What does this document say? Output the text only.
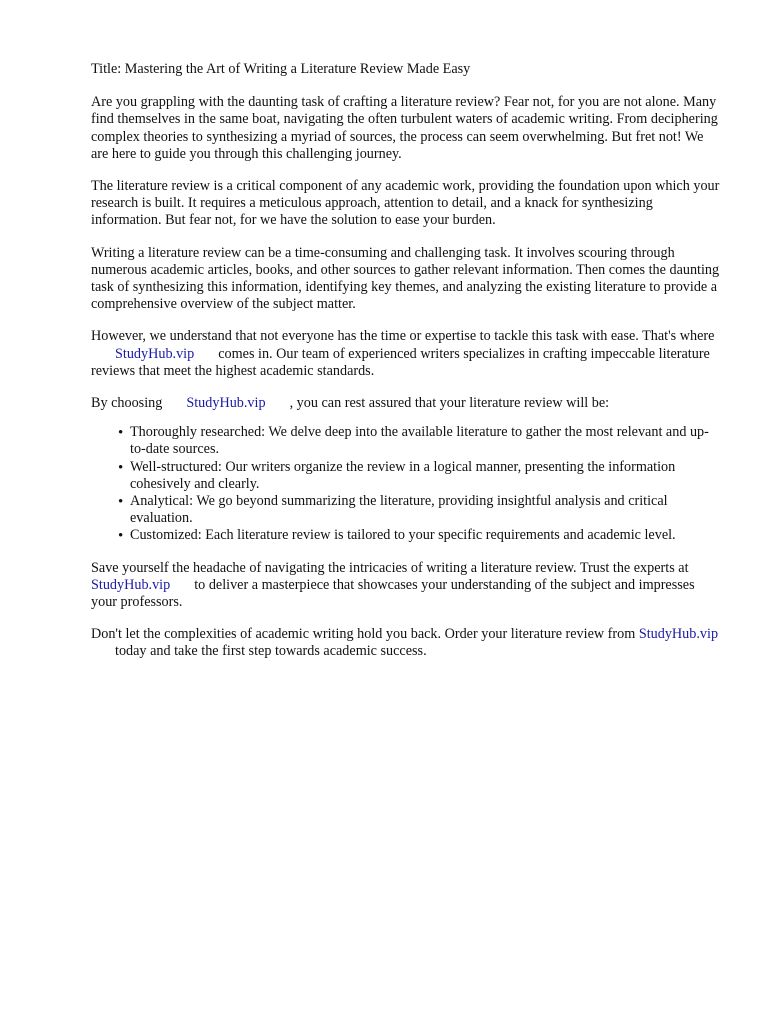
Title: Mastering the Art of Writing a Literature Review Made Easy

Are you grappling with the daunting task of crafting a literature review? Fear not, for you are not alone. Many find themselves in the same boat, navigating the often turbulent waters of academic writing. From deciphering complex theories to synthesizing a myriad of sources, the process can seem overwhelming. But fret not! We are here to guide you through this challenging journey.

The literature review is a critical component of any academic work, providing the foundation upon which your research is built. It requires a meticulous approach, attention to detail, and a knack for synthesizing information. But fear not, for we have the solution to ease your burden.

Writing a literature review can be a time-consuming and challenging task. It involves scouring through numerous academic articles, books, and other sources to gather relevant information. Then comes the daunting task of synthesizing this information, identifying key themes, and analyzing the existing literature to provide a comprehensive overview of the subject matter.

However, we understand that not everyone has the time or expertise to tackle this task with ease. That's whereStudyHub.vip comes in. Our team of experienced writers specializes in crafting impeccable literature reviews that meet the highest academic standards.

By choosing StudyHub.vip , you can rest assured that your literature review will be:

• Thoroughly researched: We delve deep into the available literature to gather the most relevant and up-to-date sources.
• Well-structured: Our writers organize the review in a logical manner, presenting the information cohesively and clearly.
• Analytical: We go beyond summarizing the literature, providing insightful analysis and critical evaluation.
• Customized: Each literature review is tailored to your specific requirements and academic level.

Save yourself the headache of navigating the intricacies of writing a literature review. Trust the experts atStudyHub.vip to deliver a masterpiece that showcases your understanding of the subject and impresses your professors.

Don't let the complexities of academic writing hold you back. Order your literature review from StudyHub.viptoday and take the first step towards academic success.
